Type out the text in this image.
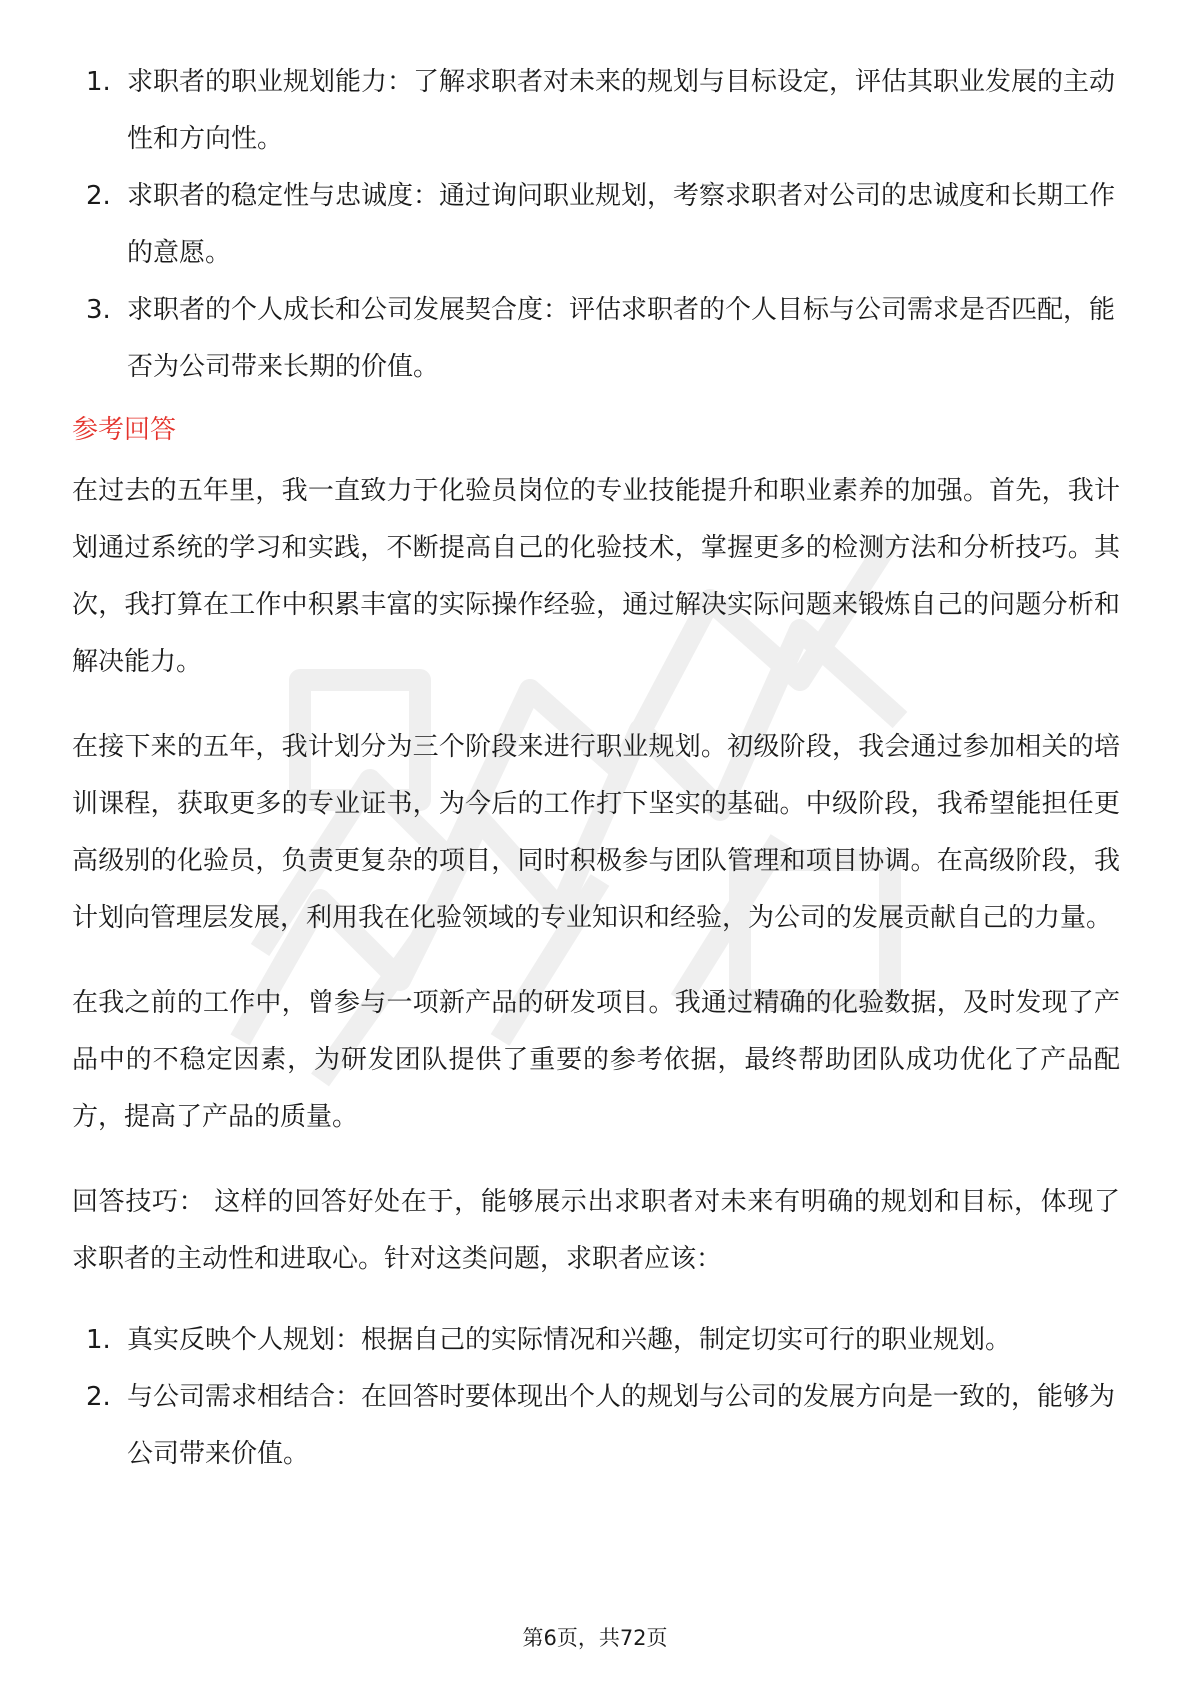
1. 求职者的职业规划能力：了解求职者对未来的规划与目标设定，评估其职业发展的主动性和方向性。
2. 求职者的稳定性与忠诚度：通过询问职业规划，考察求职者对公司的忠诚度和长期工作的意愿。
3. 求职者的个人成长和公司发展契合度：评估求职者的个人目标与公司需求是否匹配，能否为公司带来长期的价值。
参考回答

在过去的五年里，我一直致力于化验员岗位的专业技能提升和职业素养的加强。首先，我计划通过系统的学习和实践，不断提高自己的化验技术，掌握更多的检测方法和分析技巧。其次，我打算在工作中积累丰富的实际操作经验，通过解决实际问题来锻炼自己的问题分析和解决能力。

在接下来的五年，我计划分为三个阶段来进行职业规划。初级阶段，我会通过参加相关的培训课程，获取更多的专业证书，为今后的工作打下坚实的基础。中级阶段，我希望能担任更高级别的化验员，负责更复杂的项目，同时积极参与团队管理和项目协调。在高级阶段，我计划向管理层发展，利用我在化验领域的专业知识和经验，为公司的发展贡献自己的力量。

在我之前的工作中，曾参与一项新产品的研发项目。我通过精确的化验数据，及时发现了产品中的不稳定因素，为研发团队提供了重要的参考依据，最终帮助团队成功优化了产品配方，提高了产品的质量。

回答技巧： 这样的回答好处在于，能够展示出求职者对未来有明确的规划和目标，体现了求职者的主动性和进取心。针对这类问题，求职者应该：

1. 真实反映个人规划：根据自己的实际情况和兴趣，制定切实可行的职业规划。
2. 与公司需求相结合：在回答时要体现出个人的规划与公司的发展方向是一致的，能够为公司带来价值。
第6页，共72页
